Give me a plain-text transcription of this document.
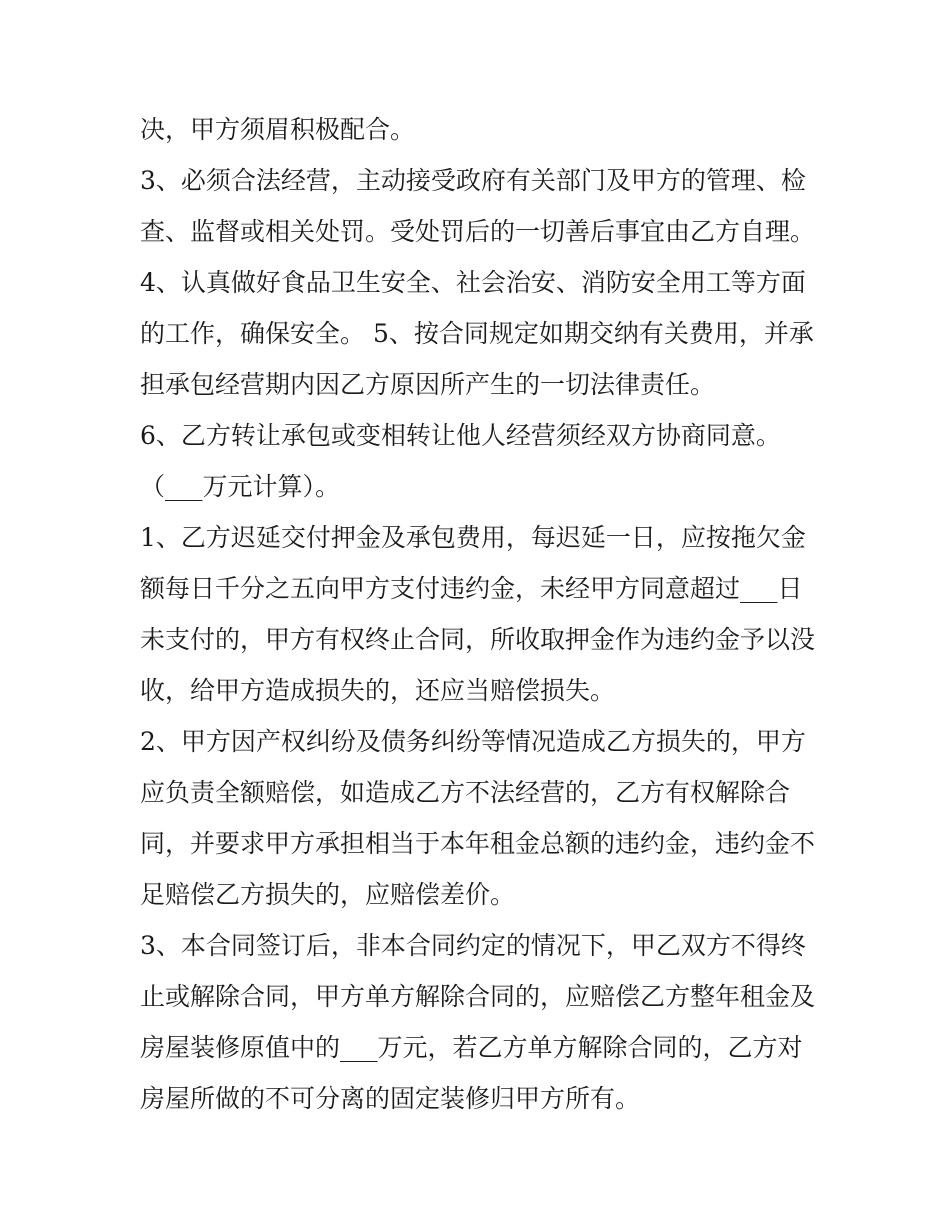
决，甲方须眉积极配合。
3、必须合法经营，主动接受政府有关部门及甲方的管理、检
查、监督或相关处罚。受处罚后的一切善后事宜由乙方自理。
4、认真做好食品卫生安全、社会治安、消防安全用工等方面
的工作，确保安全。 5、按合同规定如期交纳有关费用，并承
担承包经营期内因乙方原因所产生的一切法律责任。
6、乙方转让承包或变相转让他人经营须经双方协商同意。
（___万元计算）。
1、乙方迟延交付押金及承包费用，每迟延一日，应按拖欠金
额每日千分之五向甲方支付违约金，未经甲方同意超过___日
未支付的，甲方有权终止合同，所收取押金作为违约金予以没
收，给甲方造成损失的，还应当赔偿损失。
2、甲方因产权纠纷及债务纠纷等情况造成乙方损失的，甲方
应负责全额赔偿，如造成乙方不法经营的，乙方有权解除合
同，并要求甲方承担相当于本年租金总额的违约金，违约金不
足赔偿乙方损失的，应赔偿差价。
3、本合同签订后，非本合同约定的情况下，甲乙双方不得终
止或解除合同，甲方单方解除合同的，应赔偿乙方整年租金及
房屋装修原值中的___万元，若乙方单方解除合同的，乙方对
房屋所做的不可分离的固定装修归甲方所有。
